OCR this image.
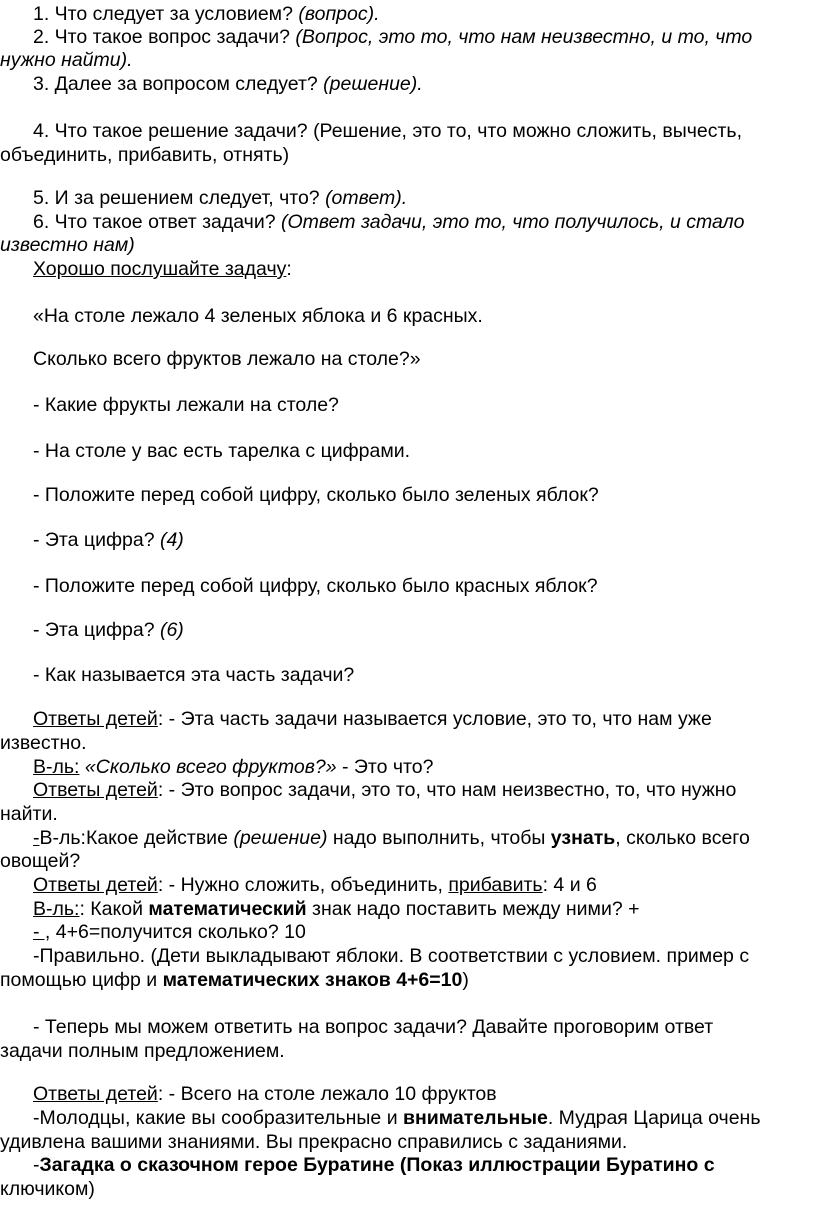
1. Что следует за условием? (вопрос).
2. Что такое вопрос задачи? (Вопрос, это то, что нам неизвестно, и то, что
нужно найти).
3. Далее за вопросом следует? (решение).
4. Что такое решение задачи? (Решение, это то, что можно сложить, вычесть,
объединить, прибавить, отнять)
5. И за решением следует, что? (ответ).
6. Что такое ответ задачи? (Ответ задачи, это то, что получилось, и стало
известно нам)
Хорошо послушайте задачу:
«На столе лежало 4 зеленых яблока и 6 красных.
Сколько всего фруктов лежало на столе?»
- Какие фрукты лежали на столе?
- На столе у вас есть тарелка с цифрами.
- Положите перед собой цифру, сколько было зеленых яблок?
- Эта цифра? (4)
- Положите перед собой цифру, сколько было красных яблок?
- Эта цифра? (6)
- Как называется эта часть задачи?
Ответы детей: - Эта часть задачи называется условие, это то, что нам уже
известно.
В-ль: «Сколько всего фруктов?» - Это что?
Ответы детей: - Это вопрос задачи, это то, что нам неизвестно, то, что нужно
найти.
-В-ль:Какое действие (решение) надо выполнить, чтобы узнать, сколько всего
овощей?
Ответы детей: - Нужно сложить, объединить, прибавить: 4 и 6
В-ль:: Какой математический знак надо поставить между ними? +
- , 4+6=получится сколько? 10
-Правильно. (Дети выкладывают яблоки. В соответствии с условием. пример с
помощью цифр и математических знаков 4+6=10)
- Теперь мы можем ответить на вопрос задачи? Давайте проговорим ответ
задачи полным предложением.
Ответы детей: - Всего на столе лежало 10 фруктов
-Молодцы, какие вы сообразительные и внимательные. Мудрая Царица очень
удивлена вашими знаниями. Вы прекрасно справились с заданиями.
-Загадка о сказочном герое Буратине (Показ иллюстрации Буратино с
ключиком)
